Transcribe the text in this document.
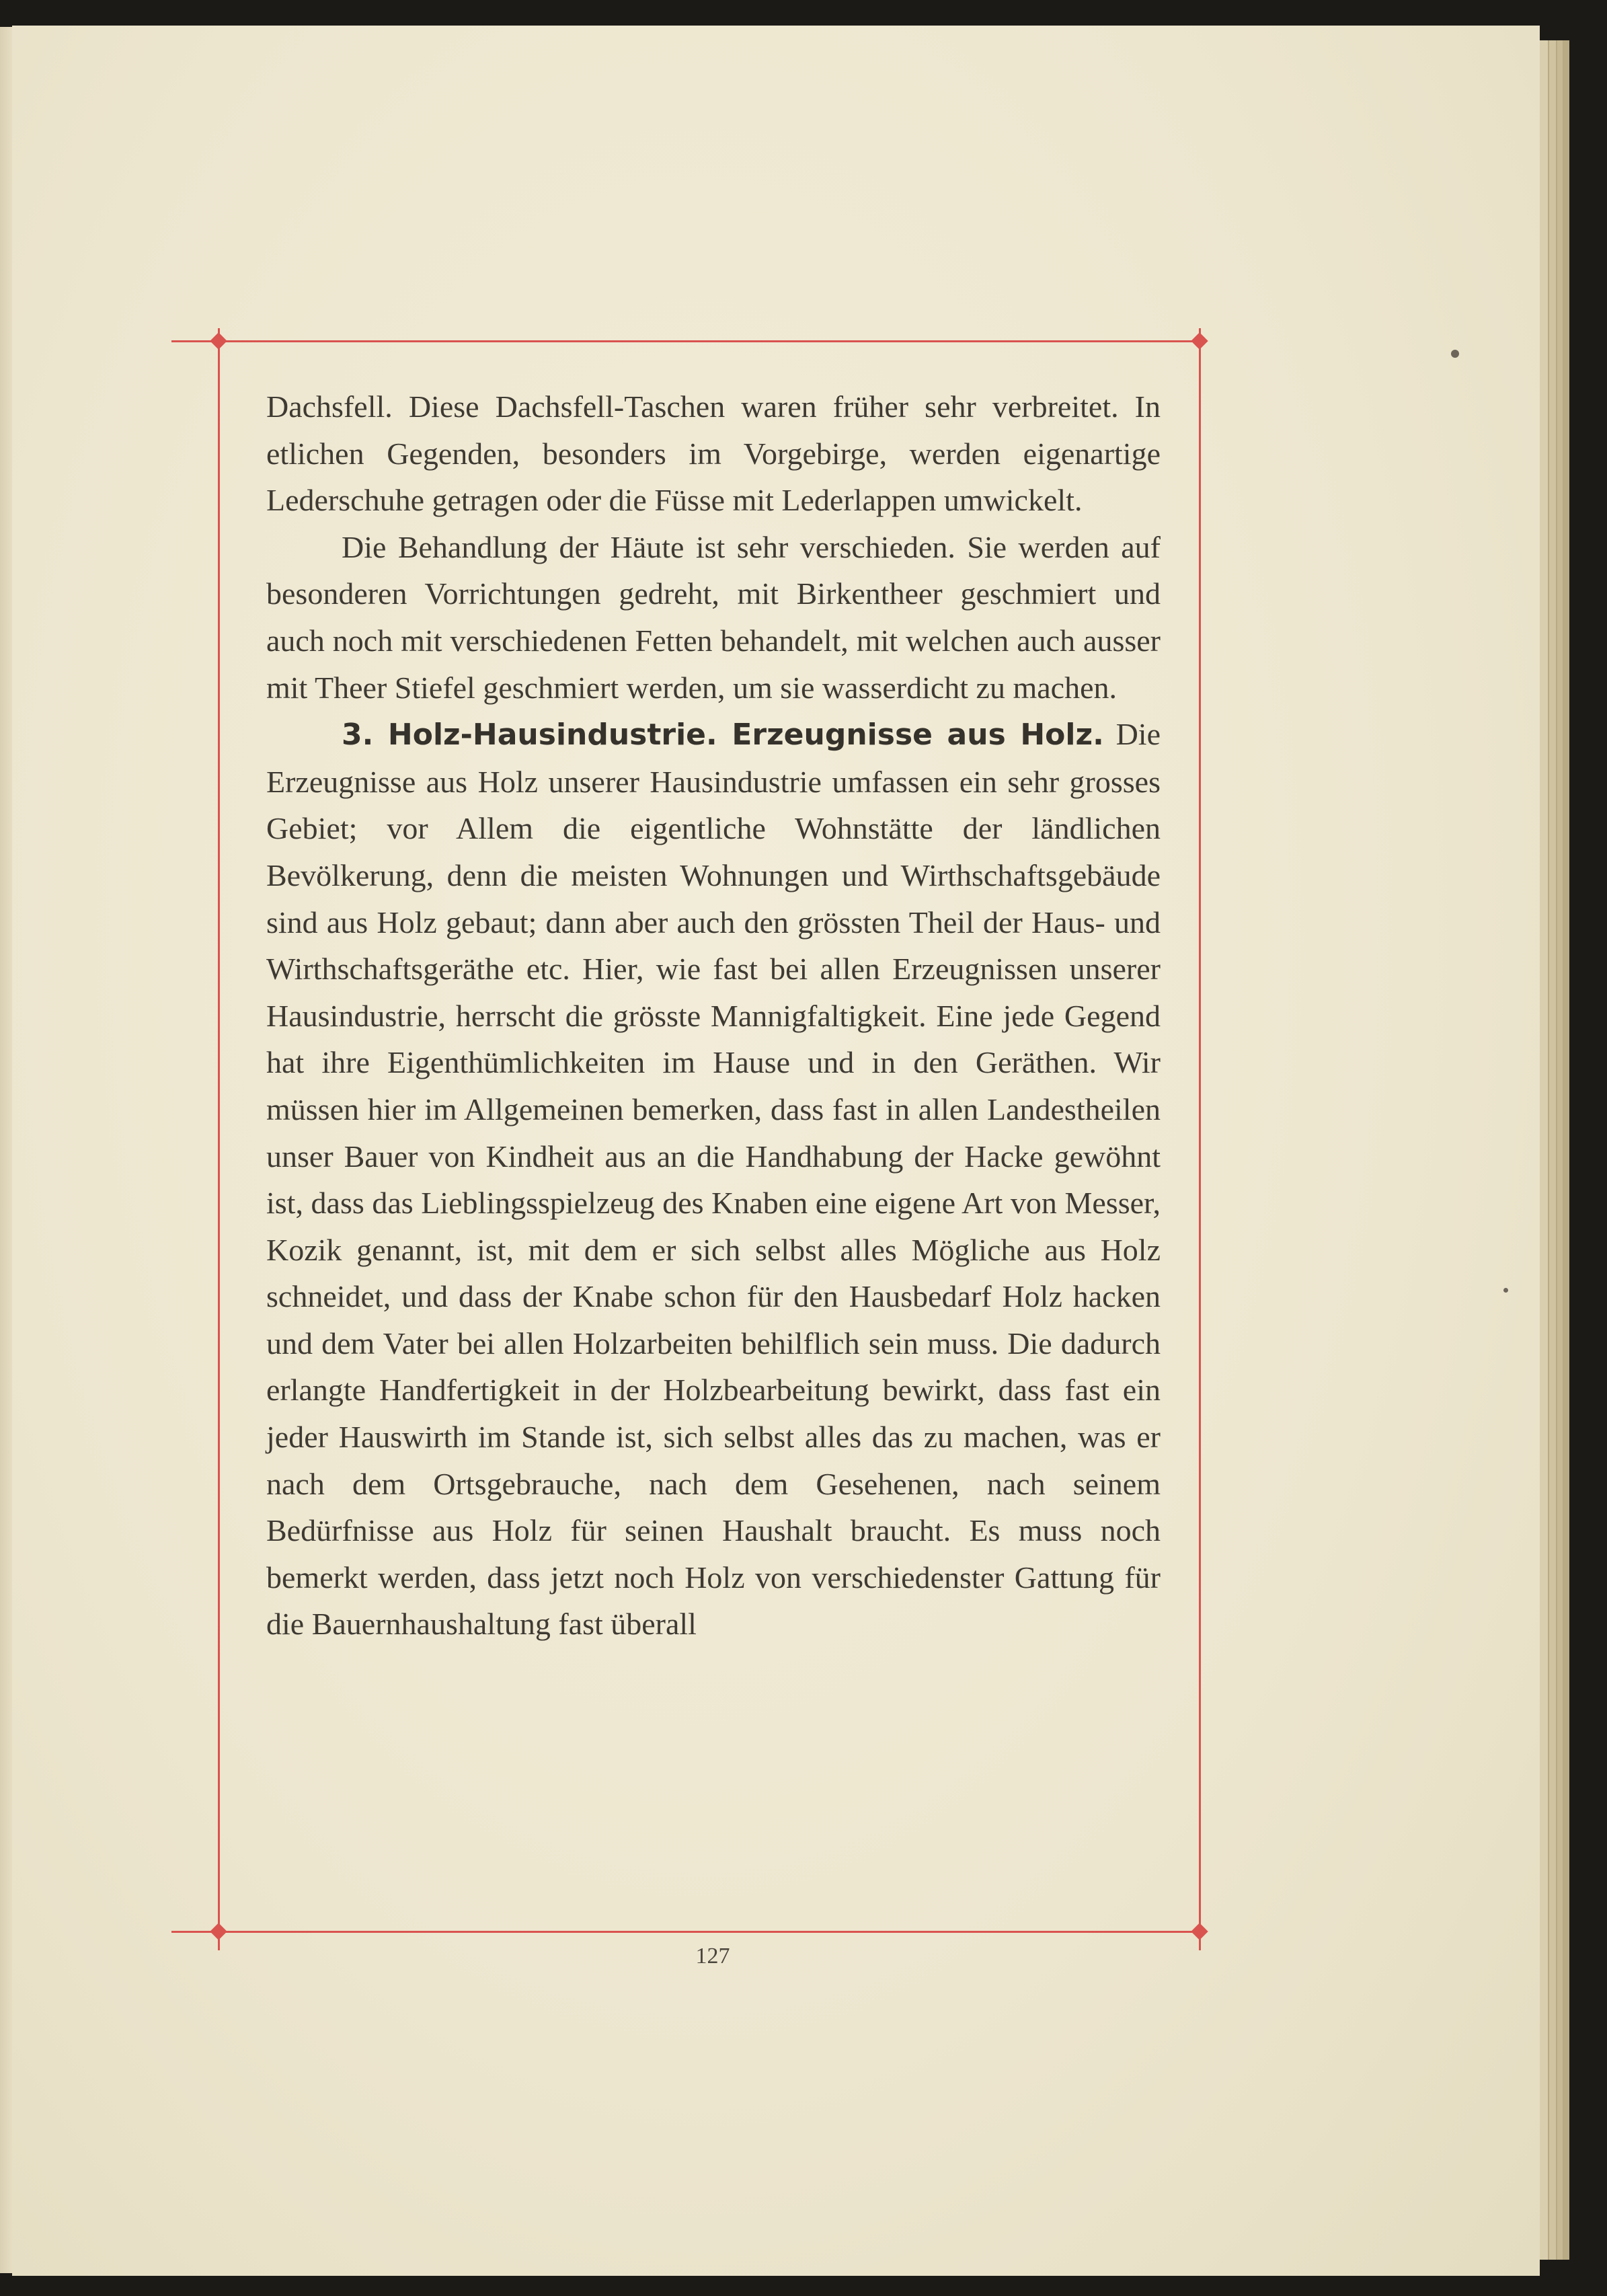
Dachsfell. Diese Dachsfell-Taschen waren früher sehr verbreitet. In etlichen Gegenden, besonders im Vorgebirge, werden eigenartige Lederschuhe getragen oder die Füsse mit Lederlappen umwickelt.

Die Behandlung der Häute ist sehr verschieden. Sie werden auf besonderen Vorrichtungen gedreht, mit Birkentheer geschmiert und auch noch mit verschiedenen Fetten behandelt, mit welchen auch ausser mit Theer Stiefel geschmiert werden, um sie wasserdicht zu machen.

3. Holz-Hausindustrie. Erzeugnisse aus Holz. Die Erzeugnisse aus Holz unserer Hausindustrie umfassen ein sehr grosses Gebiet; vor Allem die eigentliche Wohnstätte der ländlichen Bevölkerung, denn die meisten Wohnungen und Wirthschaftsgebäude sind aus Holz gebaut; dann aber auch den grössten Theil der Haus- und Wirthschaftsgeräthe etc. Hier, wie fast bei allen Erzeugnissen unserer Hausindustrie, herrscht die grösste Mannigfaltigkeit. Eine jede Gegend hat ihre Eigenthümlichkeiten im Hause und in den Geräthen. Wir müssen hier im Allgemeinen bemerken, dass fast in allen Landestheilen unser Bauer von Kindheit aus an die Handhabung der Hacke gewöhnt ist, dass das Lieblingsspielzeug des Knaben eine eigene Art von Messer, Kozik genannt, ist, mit dem er sich selbst alles Mögliche aus Holz schneidet, und dass der Knabe schon für den Hausbedarf Holz hacken und dem Vater bei allen Holzarbeiten behilflich sein muss. Die dadurch erlangte Handfertigkeit in der Holzbearbeitung bewirkt, dass fast ein jeder Hauswirth im Stande ist, sich selbst alles das zu machen, was er nach dem Ortsgebrauche, nach dem Gesehenen, nach seinem Bedürfnisse aus Holz für seinen Haushalt braucht. Es muss noch bemerkt werden, dass jetzt noch Holz von verschiedenster Gattung für die Bauernhaushaltung fast überall

127
